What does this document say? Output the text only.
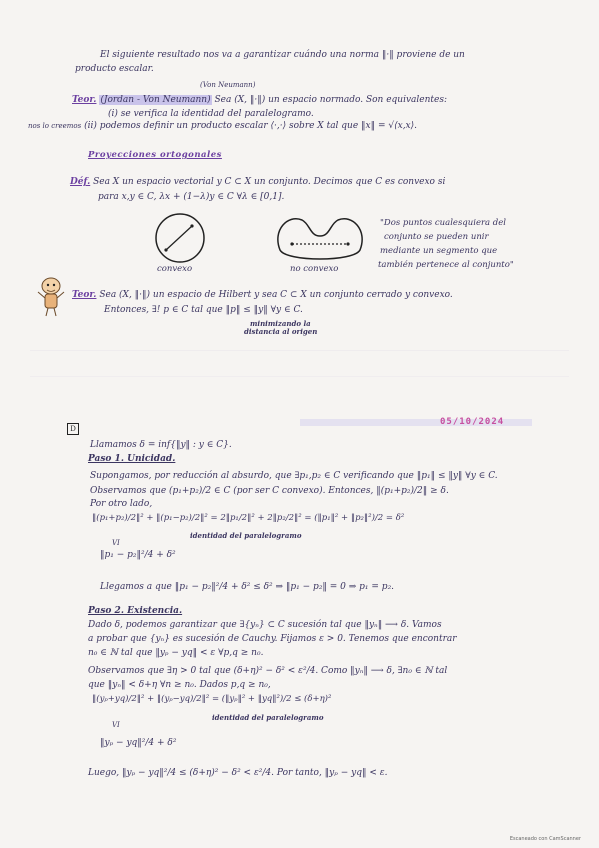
El siguiente resultado nos va a garantizar cuándo una norma ‖·‖ proviene de un
producto escalar.
(Von Neumann)
Teor. (Jordan - Von Neumann) Sea (X, ‖·‖) un espacio normado. Son equivalentes:
(i) se verifica la identidad del paralelogramo.
nos lo creemos (ii) podemos definir un producto escalar ⟨·,·⟩ sobre X tal que ‖x‖ = √⟨x,x⟩.
Proyecciones ortogonales
Déf. Sea X un espacio vectorial y C ⊂ X un conjunto. Decimos que C es convexo si
para x,y ∈ C, λx + (1−λ)y ∈ C ∀λ ∈ [0,1].
convexo	no convexo
"Dos puntos cualesquiera del
conjunto se pueden unir
mediante un segmento que
también pertenece al conjunto"
Teor. Sea (X, ‖·‖) un espacio de Hilbert y sea C ⊂ X un conjunto cerrado y convexo.
Entonces, ∃! p ∈ C tal que ‖p‖ ≤ ‖y‖ ∀y ∈ C.
minimizando la
distancia al origen
05/10/2024
D
Llamamos δ = inf{‖y‖ : y ∈ C}.
Paso 1. Unicidad.
Supongamos, por reducción al absurdo, que ∃p₁,p₂ ∈ C verificando que ‖p₁‖ ≤ ‖y‖ ∀y ∈ C.
Observamos que (p₁+p₂)/2 ∈ C (por ser C convexo). Entonces, ‖(p₁+p₂)/2‖ ≥ δ.
Por otro lado,
‖(p₁+p₂)/2‖² + ‖(p₁−p₂)/2‖² = 2‖p₁/2‖² + 2‖p₂/2‖² = (‖p₁‖² + ‖p₂‖²)/2 = δ²
identidad del paralelogramo
VI
‖p₁ − p₂‖²/4 + δ²
Llegamos a que ‖p₁ − p₂‖²/4 + δ² ≤ δ² ⇒ ‖p₁ − p₂‖ = 0 ⇒ p₁ = p₂.
Paso 2. Existencia.
Dado δ, podemos garantizar que ∃{yₙ} ⊂ C sucesión tal que ‖yₙ‖ ⟶ δ. Vamos
a probar que {yₙ} es sucesión de Cauchy. Fijamos ε > 0. Tenemos que encontrar
n₀ ∈ ℕ tal que ‖yₚ − yq‖ < ε ∀p,q ≥ n₀.
Observamos que ∃η > 0 tal que (δ+η)² − δ² < ε²/4. Como ‖yₙ‖ ⟶ δ, ∃n₀ ∈ ℕ tal
que ‖yₙ‖ < δ+η ∀n ≥ n₀. Dados p,q ≥ n₀,
‖(yₚ+yq)/2‖² + ‖(yₚ−yq)/2‖² = (‖yₚ‖² + ‖yq‖²)/2 ≤ (δ+η)²
identidad del paralelogramo
VI
‖yₚ − yq‖²/4 + δ²
Luego, ‖yₚ − yq‖²/4 ≤ (δ+η)² − δ² < ε²/4. Por tanto, ‖yₚ − yq‖ < ε.
Escaneado con CamScanner
